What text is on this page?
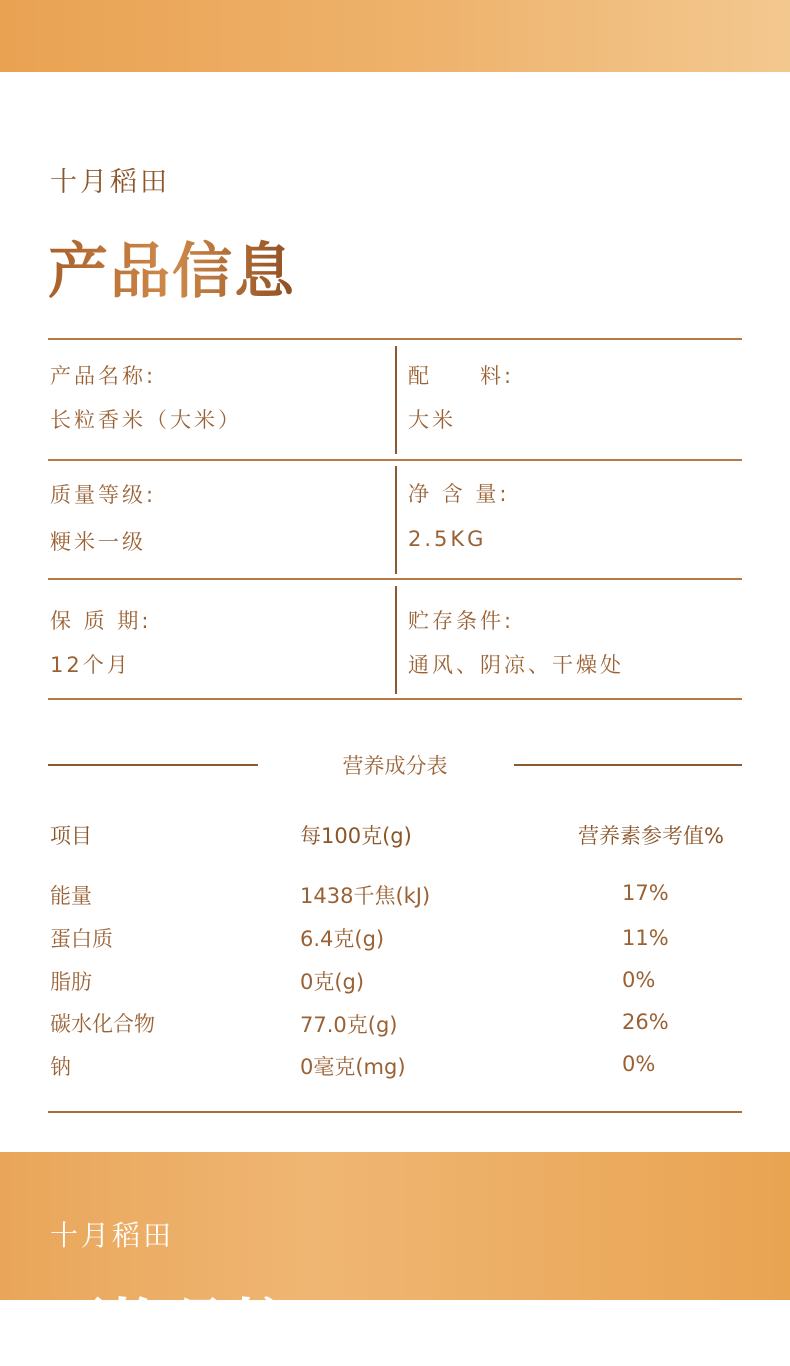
十月稻田
产品信息
产品名称:
长粒香米（大米）
配　　料:
大米
质量等级:
粳米一级
净 含 量:
2.5KG
保 质 期:
12个月
贮存条件:
通风、阴凉、干燥处
营养成分表
项目	每100克(g)	营养素参考值%
能量	1438千焦(kJ)	17%
蛋白质	6.4克(g)	11%
脂肪	0克(g)	0%
碳水化合物	77.0克(g)	26%
钠	0毫克(mg)	0%
十月稻田
严格品控
